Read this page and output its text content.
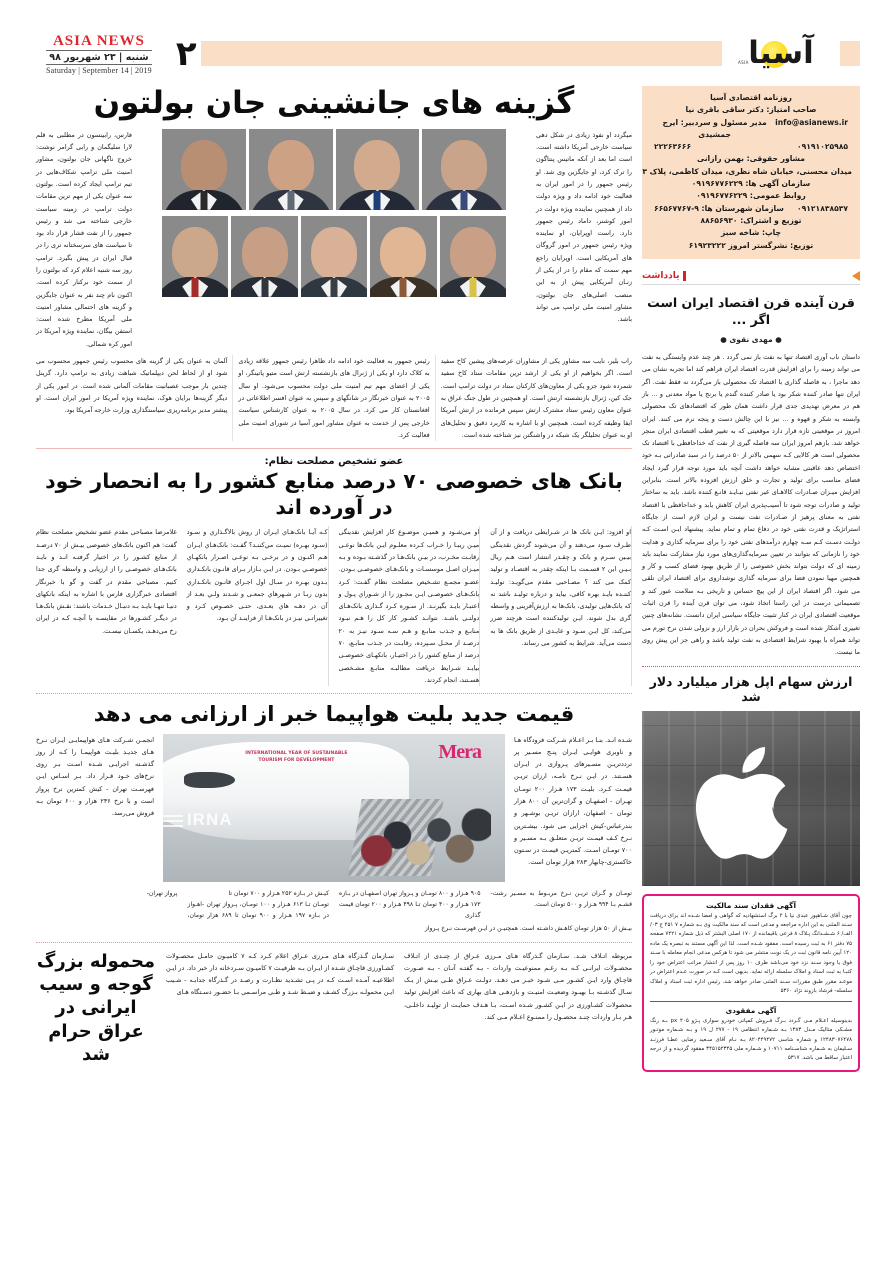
آسیا
ASIA
۲
ASIA NEWS
شنبه | ۲۳ شهریور ۹۸
Saturday | September 14 | 2019
روزنامه اقتصادی آسیا
صاحب امتیاز: دکتر ساقی باقری نیا
info@asianews.ir
مدیر مسئول و سردبیر: ایرج جمشیدی
۰۹۱۹۱۰۲۵۹۸۵
۲۲۲۶۳۶۶۶
مشاور حقوقی: بهمن رازانی
میدان محسنی، خیابان شاه نظری، میدان کاظمی، پلاک ۳
سازمان آگهی ها: ۰۹۱۹۶۷۷۶۲۲۹
روابط عمومی: ۰۹۱۹۶۷۷۶۲۲۹
۰۹۱۲۱۸۳۸۵۳۷
سازمان شهرستان ها: ۹-۶۶۵۶۷۷۶۷
توزیع و اشتراک: ۸۸۶۵۶۹۳۰
چاپ: شاخه سبز
توزیع: نشرگستر امروز ۶۱۹۲۳۲۲۲
یادداشت
قرن آینده قرن اقتصاد ایران است اگر ...
● مهدی نقوی ●
داستان ناب آوری اقتصاد تنها به نفت باز نمی گردد . هر چند عدم وابستگی به نفت می تواند زمینه را برای افزایش قدرت اقتصاد ایران فراهم کند اما تجربه نشان می دهد ماجرا ، به فاصله گذاری با اقتصاد تک محصولی باز می‌گردد نه فقط نفت. اگر ایران تنها صادر کننده شکر بود یا صادر کننده گندم یا برنج یا مواد معدنی و ... باز هم در معرض تهدیدی جدی قرار داشت همان طور که اقتصادهای تک محصولی وابسته به شکر و قهوه و ... نیز با این چالش دست و پنجه نرم می کنند. ایران امروز در موقعیتی تازه قرار دارد موقعیتی که به تغییر قطب اقتصادی ایران منجر خواهد شد. بازهم امروز ایران سه فاصله گیری از نفت که خداحافظی با اقتصاد تک محصولی است هر کالایی کـه سهمی بالاتر از ۵۰ درصد را در سبد صادراتی بـه خود اختصاص دهد عاقبتی مشابه خواهد داشت آنچه باید مورد توجه قرار گیرد ایجاد فضای مناسب برای تولید و تجارت و خلق ارزش افزوده بالاتر است. بنابراین افزایش میـزان صـادرات کالاهـای غیر نفتی نبـایـد قانـع کننده باشد. باید به ساختار تولید و صادرات توجه شود تا آسیب‌پذیری ایران کاهش یابد و خداحافظی با اقتصاد نفتی به معنای پرهیز از صـادرات نفت نیست و ایران لازم است از جایگاه استراتژیک و قدرت نفتی خود در دفاع تمام و تمام نماید. پیشنهاد ایـن اسـت کـه دولـت دسـت کـم سـه چهارم درآمدهای نفتی خود را برای سرمایه گذاری و هدایت خود را نازمانی که بتوانند در تعیین سرمایه‌گذاری‌های مورد نیاز مشارکت نمایند باید زمینه ای که دولت بتواند بخش خصوصی را از طریق بهبود فضای کسب و کار و همچنین مهیا نمودن فضا برای سرمایه گذاری نوشداروی برای اقتصاد ایران تلقی می شود. اگر اقتصاد ایران از این پیچ حساس و تاریخی بـه سلامت عبور کند و تصمیماتی درست در این راستا اتخاذ شود، می توان قرن آینده را قرن اثبات موقعیت اقتصادی ایران در کنار تثبیت جایگاه سیاسی ایران دانست. نشانه‌های چنین تغییری آشکار شده است و فروکش بحران در بازار ارز و نزولی شدن نرخ تورم می تواند همراه با بهبود شرایط اقتصادی به نفت تولید باشد و راهی جز این پیش روی ما نیست.
ارزش سهام اپل هزار میلیارد دلار شد
آگهی فقدان سند مالکیت
چون آقای شـاهپور عبدی نیا با ۲ برگ استشهادیه که گواهی و امضا شـده اند برای دریافت سـند المثنی به این اداره مراجعه و مدعی است که سند مالکیت وی بـه شماره ۷ ۴۵۱ ج ۰۳/ الف/ ۶ شـشـدانگ پـلاک ۸ فرعی باقیمانده از ۱۷۰ اصلی البشتر که ذیل شماره ۷۴۲۱ صفحه ۷۵ دفتر ۶۱ به ثبت رسیده است. مفقود شـده است. لذا این آگهی مستند به تبصره یک ماده ۱۲۰ آیین نامه قانون ثبت در یک نوبت منتشر می شود تا هرکس مدعی انجام معامله با سـند فوق یا وجود سـند نزد خود می‌باشد ظرف ۱۰ روز پس از انتشار مراتب اعتراض خود را کتبـا به ثبت اسناد و املاک سلسله ارائه نماید. بدیهی است کـه در صورت عـدم اعتراض در موعـد مقرر طبق مقررات سـند المثنی صادر خواهد شد. رئیس اداره ثبت اسناد و املاک سلسله- فرشاد بازوند نژاد ۵۳۶۰
آگهی مفقودی
بدینوسیله اعـلام مـی گـردد بـرگ فـروش کمپانی خودرو سواری پـژو px ۴۰۵ بـه رنگ مشـکی متالیک مـدل ۱۳۸۳ بـه شـماره انتظامی ۱۹ - ۲۷۷ ل ۱۹ و بـه شـماره موتـور ۱۲۴۸۳۰۷۶۴۷۸ و شماره شاسی ۸۲۰۴۴۹۴۷۲ بـه نـام آقای سـعید رضایی عطـا فرزنـد سـلیمان به شـماره شناسـنامه ۱۰۷۱۱ و شـماره ملی ۳۴۵۱۵۲۳۴۵ مفقود گردیده و از درجه اعتبار ساقط می باشد. ۵۳۱۷
گزینه های جانشینی جان بولتون
میگردد او نفوذ زیادی در شکل دهی سیاست خارجی آمریکا داشته است. است اما بعد از آنکه ماتیس پنتاگون را ترک کرد، او جایگزین وی شد. او رئیس جمهور را در امور ایران به فعالیت خود ادامه داد و ویژه دولت داد از همچنین نماینده ویژه دولت در امور کوشنر، داماد رئیس جمهور دارد. راست اوپرایان، او نماینده ویژه رئیس جمهور در امور گروگان های آمریکایی است. اوپرایان راجع مهم سمت که مقام را در از یکی از زنـان آمریکایی پیش از به این منصب اصلی‌های جان بولتون، مشاور امنیت ملی ترامپ می تواند باشد.
فارس، رابینسون در مطلبی به قلم لارا سلیگمان و رابی گرامر نوشت: خروج ناگهانی جان بولتون، مشاور امنیت ملی ترامپ شکاف‌هایی در تیم ترامپ ایجاد کرده است. بولتون سه عنوان یکی از مهم ترین مقامات دولت ترامپ در زمینه سیاست خارجی شناخته می شد و رئیس جمهور را از نفت فشار قرار داد بود تا سیاست های سرسختانه تری را در قبال ایران در پیش بگیرد. ترامپ روز سه شنبه اعلام کرد که بولتون را از سمت خود برکنار کرده است. اکنون نام چند نفر به عنوان جایگزین و گزینه های احتمالی مشاور امنیت ملی آمریکا مطرح شده است: استفن بیگان، نماینده ویژه آمریکا در امور کره شمالی.
راب بلیر، نایب سه مشاور یکی از مشاوران عرصه‌های پیشین کاخ سفید است. اگر بخواهیم از او یکی از ارشد ترین مقامات ستاد کاخ سفید شمرده شود جزو یکی از معاون‌های کارکنان ستاد در دولت ترامپ است. جک کین، ژنرال بازنشسته ارتش است. او همچنین در طول جنگ عراق به عنوان معاون رئیس ستاد مشترک ارتش سپس فرمانده در ارتش آمریکا ایفا وظیفه کرده است. همچنین او با اشاره به کاربرد دقیق و تحلیل‌های او به عنوان تحلیلگر یک شبکه در واشنگتن نیز شناخته شده است.
رئیس جمهور به فعالیت خود ادامه داد ظاهرا رئیس جمهور علاقه زیادی به کلاک دارد او یکی از ژنرال های بازنشسته ارتش است متیو پاتینگر، او یکی از اعضای مهم تیم امنیت ملی دولت محسوب می‌شود. او سال ۲۰۰۵ به عنوان خبرنگار در شانگهای و سپس به عنوان افسر اطلاعاتی در افغانستان کار می کرد. در سال ۲۰۰۵ به عنوان کارشناس سیاست خارجی پس از خدمت به عنوان مشاور امور آسیا در شورای امنیت ملی فعالیت کرد.
آلمان به عنوان یکی از گزینه های محسوب رئیس جمهور محسوب می شود او از لحاظ لحن دیپلماتیک شباهت زیادی به ترامپ دارد. گرینل چندین بار موجب عصبانیت مقامات آلمانی شده است. در امور یکی از دیگر گزینه‌ها برایان هوک، نماینده ویژه آمریکا در امور ایران است. او پیشتر مدیر برنامه‌ریزی سیاستگذاری وزارت خارجه آمریکا بود.
عضو تشخیص مصلحت نظام:
بانک های خصوصی ۷۰ درصد منابع کشور را به انحصار خود در آورده اند
او افزود: ایـن بانک ها در شـرایطی دریافت و از آن طـرف سـود می‌دهند و آن می‌شوند گردش نقدینگی بیـین سـرم و بانک و چقـدر انتشار است هـم ریال بـیـن این ۲ قسـمت بـا اینکه چقدر به اقتصـاد و تولید کمک می کند ؟ مصـاحبی مقدم می‌گویـد: تولیـد کننـده بایـد بهره کافی، بیاید و درباره تولیـد باشد نه که بانک‌هایی تولیدی، بانک‌ها به ارزش‌آفرینی و واسطه گری بدل شوند. ایـن تولیدکننده است هرچند ضرر می‌کند، کل ایـن سـود و عایـدی از طریق بانک ها به دست می‌آید. شرایط به کشور می رساند.
او می‌شـود و همیـن موضـوع کار افزایش نقدینگی میـن ریبـا را خـراب کـرده معلـوم ایـن بانک‌ها نوعـی رقابـت مخـرب، در بیـن بانک‌هـا در گذشـته بـوده و بـه میـزان اصـل موسسـات و بانک‌هـای خصوصـی بـودن. عضـو مجمـع تشـخیص مصلحت نظام گفـت: کـرد بانک‌هـای خصوصـی ایـن مجـوز را از شـوراي پـول و اعتبـار بايـد بگیرنـد. از سـوره کـرد گـذاری بانک‌هـای دولتـی باشـد. نتوانـد کشـور کار کل را هـم نبـود منابـع و جـذب منابـع و هـم سـه سـود نیـز به ۲۰ درصـد از محـل سـپرده، رقابـت در جـذب منابـع، ۷۰ درصد از منابع کشور را در اختیـار، بانکهـای خصوصـی بیایـد شـرایط دریافت مطالبـه منابـع مشـخصی هسـتند، انجام کردند.
کـه آیـا بانک‌هـاي ایـران از روش بالاگـذاري و سـود (سـود بهـره) نمیـت مي‌کننـد؟ گفـت: بانک‌هـاي ایـران هـم اکنـون و در برخـی بـه نوعـی اصـرار بانکهـاي خصوصـي بـودن. در ایـن بـازار بـرای قانـون بانکـداري بـدون بهـره در سـال اول اجـراي قانـون بانکـداري بدون ربـا در شـهرهاي جمعـی و شـدند ولـي بعـد از آن در دهـه هاي بعـدی، حتـی خصـوص کـرد و تغییراتـی نیـز در بانک‌هـا از فراینـد آن بـود.
غلامرضا مصباحی مقدم عضو تشخیص مصلحت نظام گفت: هم اکنون بانک‌های خصوصی بیـش از ۷۰ درصـد از منابع کشـور را در اختیار گرفتـه انـد و بایـد بانک‌هـای خصوصـی را از ارزیابی و واسطه گری جدا کنیم. مصباحي مقدم در گفت و گو با خبرنگار اقتصادی خبرگزاری فارس با اشاره به اینکه بانکهای دنیـا تنهـا بایـد بـه دنبـال خـدمات باشند: نقـش بانک‌هـا در دیگـر کشـورها در مقایسـه با آنچـه کـه در ایران رخ می‌دهـد، یکسـان نیسـت.
قیمت جدید بلیت هواپیما خبر از ارزانی می دهد
شـده انـد. بنـا بـر اعـلام شـرکت فرودگاه هـا و ناوبری هوایـی ایـران پنـج مسـیر پر تردد‌تریـن مسـیرهای پـروازی در ایـران هسـتند. در ایـن نـرخ نامـه، ارزان تریـن قیمـت کـرد. بلیـت ۱۷۳ هـزار ۲۰۰ تومـان تهـران - اصفهـان و گران‌ترین آن ۸۰۰ هزار تومان - اصفهان، ارازان تریـن بوشـهر و بندرعباس-کیش اجرایی می شود. بیشـترین نـرخ کـف قیمـت تریـن متعلـق بـه مسـیر و ۷۰۰ تومـان اسـت. کمتریـن قیمـت در سـتون خاکستری-چابهار ۲۸۳ هزار تومان است.
INTERNATIONAL YEAR OF SUSTAINABLE TOURISM FOR DEVELOPMENT	Mera
IRNA
انجمـن شـرکت هـای هواپیمایـی ایـران نـرخ هـای جدیـد بلیـت هواپیمـا را کـه از روز گذشـته اجرایـی شـده اسـت بـر روی نرخ‌های خـود قـرار داد. بـر اسـاس ایـن فهرسـت تهران - کیش کمترین نرخ پرواز است و با نرخ ۲۳۶ هزار و ۶۰۰ تومان بـه فروش می‌رسد.
تومـان و گـران تریـن نـرخ مربـوط به مسـیر رشت- قشـم بـا ۹۹۴ هـزار و ۵۰۰ تومان است.
۹۰۵ هـزار و ۸۰۰ تومـان و پـرواز تهران اصفهـان در بـازه ۱۷۳ هـزار و ۴۰۰ تومان تـا ۴۹۸ هـزار و ۲۰۰ تومان قیمت گذاری
کیـش در بـازه ۲۵۲ هـزار و ۷۰۰ تومان تا
تومـان تـا ۶۱۳ هـزار و ۱۰۰ تومـان، پـرواز تهران -اهـواز در بـازه ۱۹۷ هـزار و ۹۰۰ تومان تا ۶۸۹ هزار تومان، پرواز تهران-
بیـش از ۵۰ هزار تومان کاهـش داشـته است. همچنیـن در ایـن فهرسـت نـرخ پـرواز
مربوطه اتـلاف شـد. سـازمان گـذرگاه هـای مـرزی عـراق از چنـدی از اتـلاف محصـولات ایرانـی کـه بـه رغـم ممنوعیـت واردات - بـه گفتـه آنـان - بـه صـورت قاچـاق وارد ایـن کشـور مـی شـود خبـر می دهـد. دولـت عـراق طـی بیـش از یـک سـال گذشـته بـا بهبـود وضعیـت امنیـت و بازدهـی هـای بهاری که باعث افزایش تولید محصولات کشـاورزی در ایـن کشـور شـده اسـت، بـا هـدف حمایـت از تولیـد داخلـی، هـر بـار واردات چنـد محصـول را ممنـوع اعـلام مـی کند.
سـازمان گـذرگاه هـای مـرزی عـراق اعلام کـرد کـه ۷ کامیـون حامـل محصـولات کشـاورزی قاچـاق شـده از ایـران بـه ظرفیـت ۷ کامیـون سـردخانه دار خبر داد. در ایـن اطلاعیـه آمـده اسـت کـه در پـی تشـدید نظـارت و رصـد در گـذرگاه جدابـه - شـیب ایـن محمولـه بـزرگ کشـف و ضبـط شـد و طـی مراسـمی بـا حضـور دسـتگاه هـای
محموله بزرگ گوجه و سیب ایرانی در عراق حرام شد
